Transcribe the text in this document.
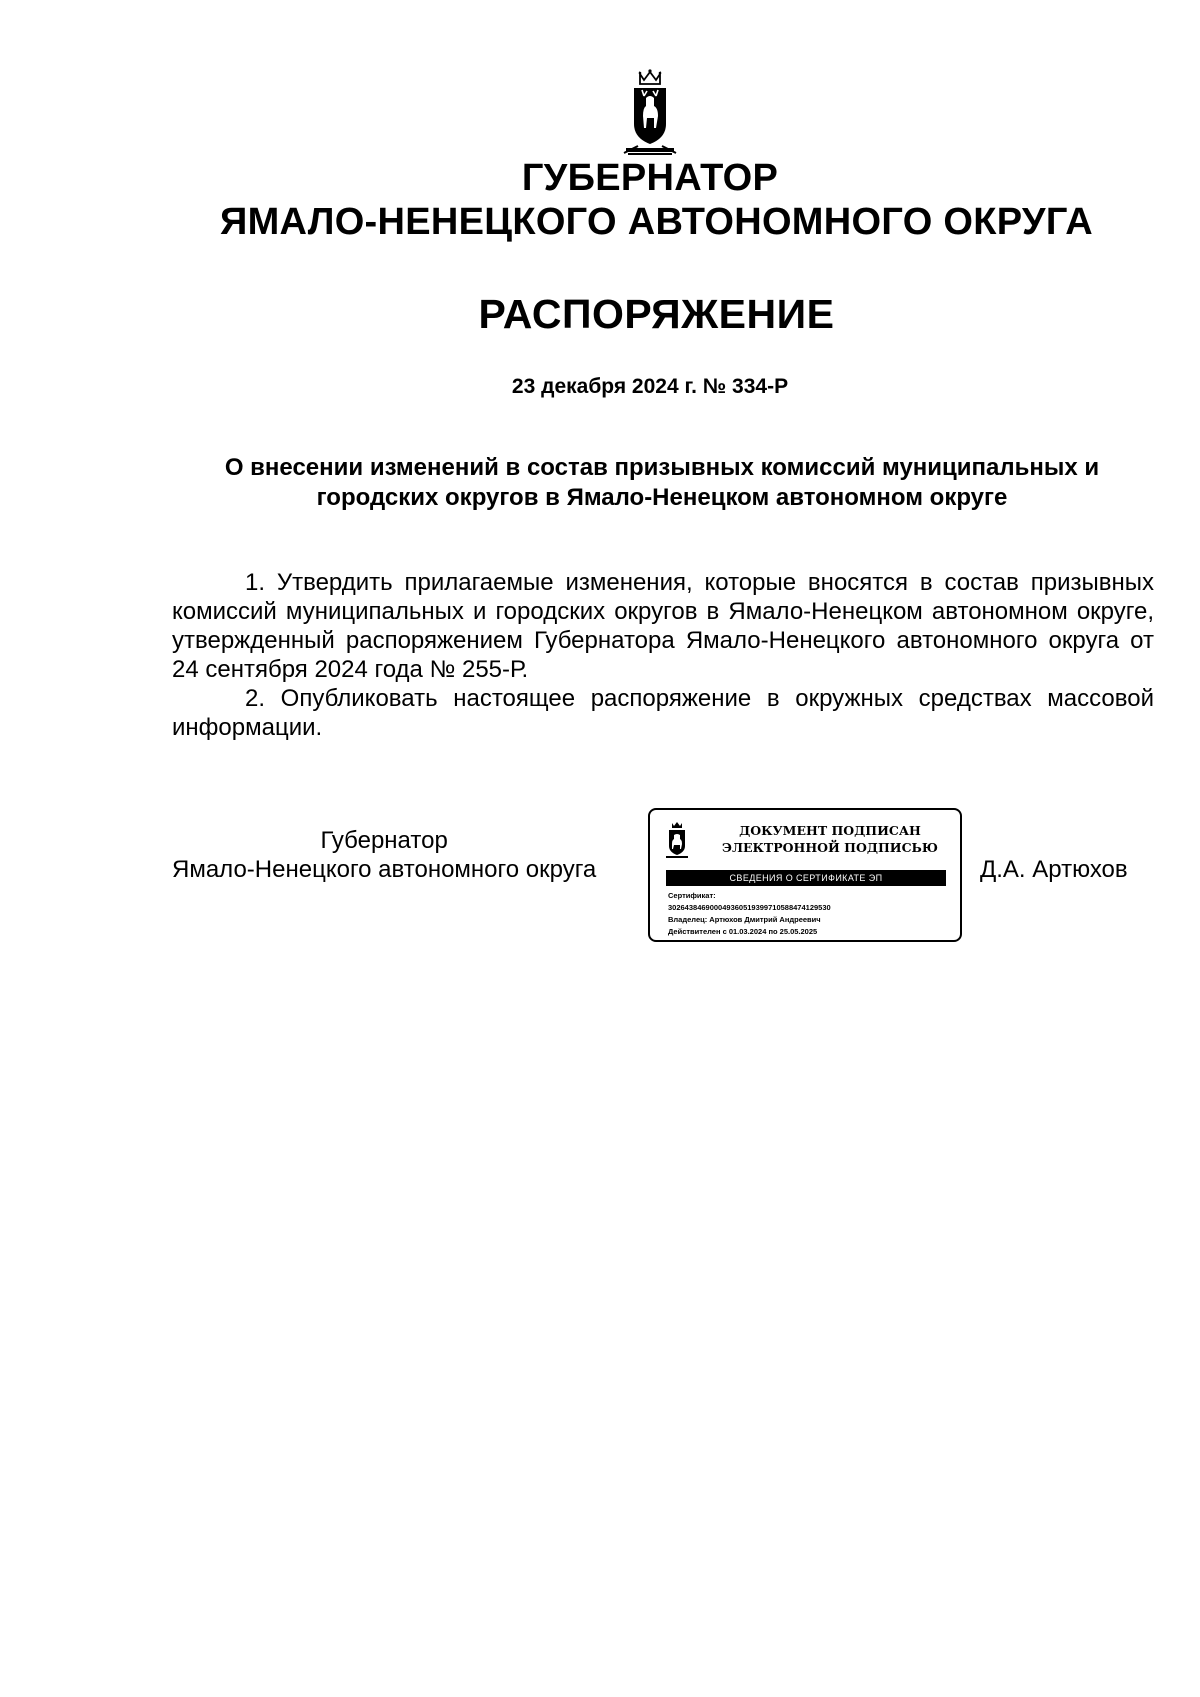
ГУБЕРНАТОР
ЯМАЛО-НЕНЕЦКОГО АВТОНОМНОГО ОКРУГА
РАСПОРЯЖЕНИЕ
23 декабря 2024 г. № 334-Р
О внесении изменений в состав призывных комиссий муниципальных и городских округов в Ямало-Ненецком автономном округе

1. Утвердить прилагаемые изменения, которые вносятся в состав призывных комиссий муниципальных и городских округов в Ямало-Ненецком автономном округе, утвержденный распоряжением Губернатора Ямало-Ненецкого автономного округа от 24 сентября 2024 года № 255-Р.

2. Опубликовать настоящее распоряжение в окружных средствах массовой информации.

Губернатор
Ямало-Ненецкого автономного округа
ДОКУМЕНТ ПОДПИСАН
ЭЛЕКТРОННОЙ ПОДПИСЬЮ
СВЕДЕНИЯ О СЕРТИФИКАТЕ ЭП
Сертификат:
302643846900049360519399710588474129530
Владелец: Артюхов Дмитрий Андреевич
Действителен с 01.03.2024 по 25.05.2025
Д.А. Артюхов
